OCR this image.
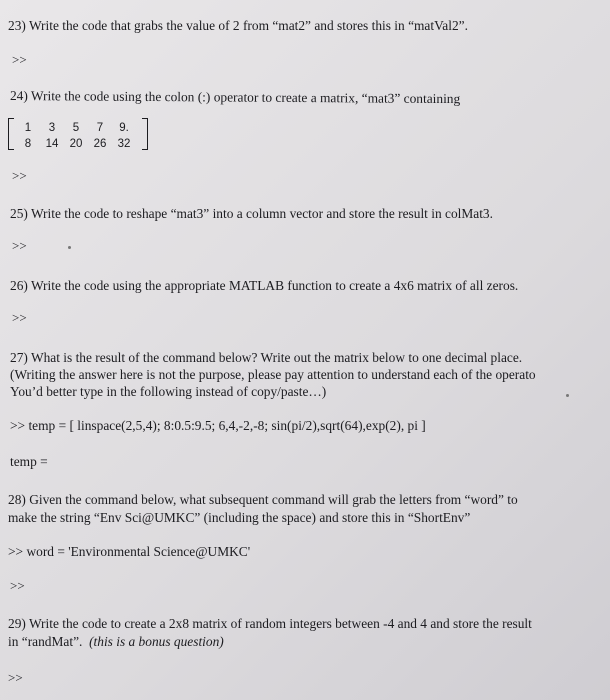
23) Write the code that grabs the value of 2 from “mat2” and stores this in “matVal2”.
>>
24) Write the code using the colon (:) operator to create a matrix, “mat3” containing
1 3 5 7 9.
8 14 20 26 32
>>
25) Write the code to reshape “mat3” into a column vector and store the result in colMat3.
>>
26) Write the code using the appropriate MATLAB function to create a 4x6 matrix of all zeros.
>>
27) What is the result of the command below? Write out the matrix below to one decimal place.
(Writing the answer here is not the purpose, please pay attention to understand each of the operato
You’d better type in the following instead of copy/paste…)
>> temp = [ linspace(2,5,4); 8:0.5:9.5; 6,4,-2,-8; sin(pi/2),sqrt(64),exp(2), pi ]
temp =
28) Given the command below, what subsequent command will grab the letters from “word” to
make the string “Env Sci@UMKC” (including the space) and store this in “ShortEnv”
>> word = 'Environmental Science@UMKC'
>>
29) Write the code to create a 2x8 matrix of random integers between -4 and 4 and store the result
in “randMat”. (this is a bonus question)
>>
